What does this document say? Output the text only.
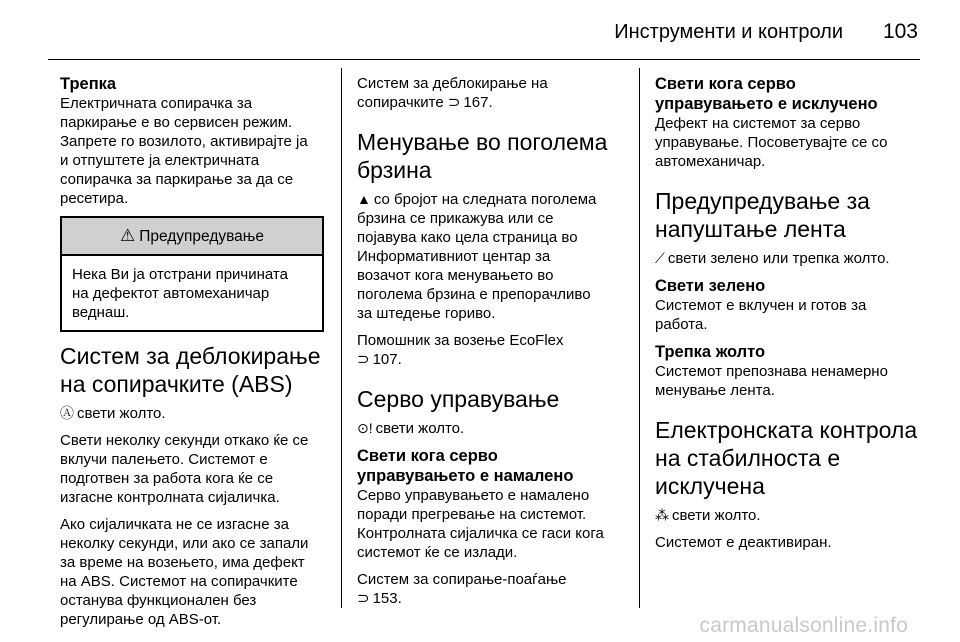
Инструменти и контроли 103
Трепка

Електричната сопирачка за
паркирање е во сервисен режим.
Запрете го возилото, активирајте ја
и отпуштете ја електричната
сопирачка за паркирање за да се
ресетира.

⚠ Предупредување
Нека Ви ја отстрани причината
на дефектот автомеханичар
веднаш.
Систем за деблокирање
на сопирачките (ABS)

Ⓐ свети жолто.

Свети неколку секунди откако ќе се
вклучи палењето. Системот е
подготвен за работа кога ќе се
изгасне контролната сијаличка.

Ако сијаличката не се изгасне за
неколку секунди, или ако се запали
за време на возењето, има дефект
на ABS. Системот на сопирачките
останува функционален без
регулирање од ABS-от.

Систем за деблокирање на
сопирачките ⊃ 167.

Менување во поголема
брзина

▲ со бројот на следната поголема
брзина се прикажува или се
појавува како цела страница во
Информативниот центар за
возачот кога менувањето во
поголема брзина е препорачливо
за штедење гориво.

Помошник за возење EcoFlex
⊃ 107.

Серво управување

⊙! свети жолто.

Свети кога серво
управувањето е намалено

Серво управувањето е намалено
поради прегревање на системот.
Контролната сијаличка се гаси кога
системот ќе се излади.

Систем за сопирање-поаѓање
⊃ 153.

Свети кога серво
управувањето е исклучено

Дефект на системот за серво
управување. Посоветувајте се со
автомеханичар.

Предупредување за
напуштање лента

⟋ свети зелено или трепка жолто.

Свети зелено

Системот е вклучен и готов за
работа.

Трепка жолто

Системот препознава ненамерно
менување лента.

Електронската контрола
на стабилноста е
исклучена

⁂ свети жолто.

Системот е деактивиран.

carmanualsonline.info
